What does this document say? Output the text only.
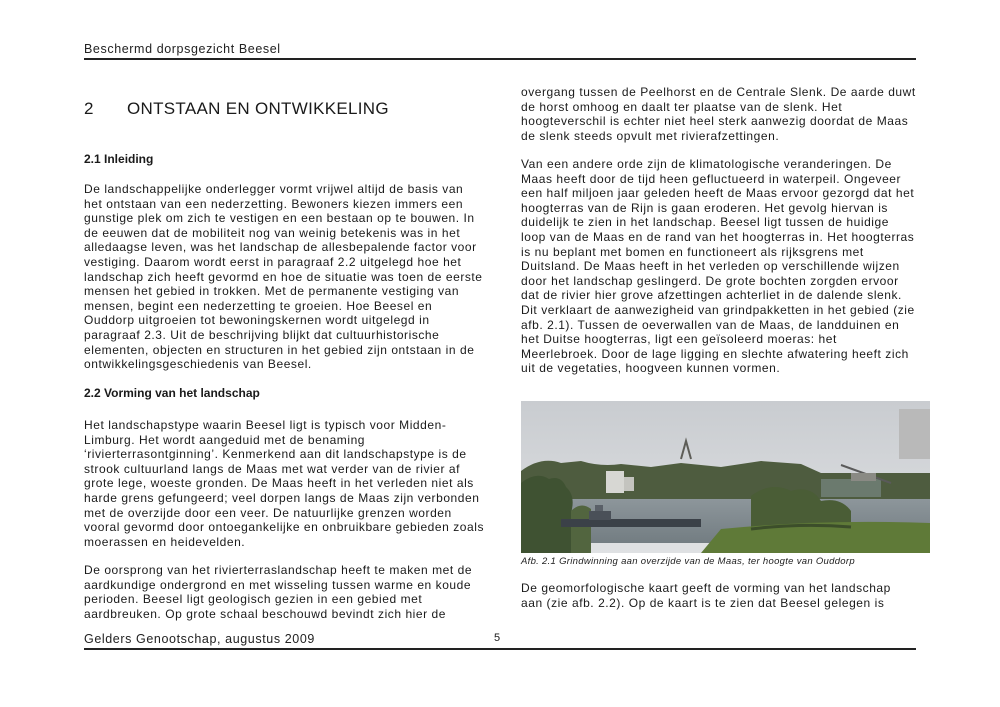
Beschermd dorpsgezicht Beesel
2 ONTSTAAN EN ONTWIKKELING
2.1 Inleiding

De landschappelijke onderlegger vormt vrijwel altijd de basis van het ontstaan van een nederzetting. Bewoners kiezen immers een gunstige plek om zich te vestigen en een bestaan op te bouwen. In de eeuwen dat de mobiliteit nog van weinig betekenis was in het alledaagse leven, was het landschap de allesbepalende factor voor vestiging. Daarom wordt eerst in paragraaf 2.2 uitgelegd hoe het landschap zich heeft gevormd en hoe de situatie was toen de eerste mensen het gebied in trokken. Met de permanente vestiging van mensen, begint een nederzetting te groeien. Hoe Beesel en Ouddorp uitgroeien tot bewoningskernen wordt uitgelegd in paragraaf 2.3. Uit de beschrijving blijkt dat cultuurhistorische elementen, objecten en structuren in het gebied zijn ontstaan in de ontwikkelingsgeschiedenis van Beesel.

2.2 Vorming van het landschap

Het landschapstype waarin Beesel ligt is typisch voor Midden-Limburg. Het wordt aangeduid met de benaming ‘rivierterrasontginning’. Kenmerkend aan dit landschapstype is de strook cultuurland langs de Maas met wat verder van de rivier af grote lege, woeste gronden. De Maas heeft in het verleden niet als harde grens gefungeerd; veel dorpen langs de Maas zijn verbonden met de overzijde door een veer. De natuurlijke grenzen worden vooral gevormd door ontoegankelijke en onbruikbare gebieden zoals moerassen en heidevelden.

De oorsprong van het rivierterraslandschap heeft te maken met de aardkundige ondergrond en met wisseling tussen warme en koude perioden. Beesel ligt geologisch gezien in een gebied met aardbreuken. Op grote schaal beschouwd bevindt zich hier de

overgang tussen de Peelhorst en de Centrale Slenk. De aarde duwt de horst omhoog en daalt ter plaatse van de slenk. Het hoogteverschil is echter niet heel sterk aanwezig doordat de Maas de slenk steeds opvult met rivierafzettingen.

Van een andere orde zijn de klimatologische veranderingen. De Maas heeft door de tijd heen gefluctueerd in waterpeil. Ongeveer een half miljoen jaar geleden heeft de Maas ervoor gezorgd dat het hoogterras van de Rijn is gaan eroderen. Het gevolg hiervan is duidelijk te zien in het landschap. Beesel ligt tussen de huidige loop van de Maas en de rand van het hoogterras in. Het hoogterras is nu beplant met bomen en functioneert als rijksgrens met Duitsland. De Maas heeft in het verleden op verschillende wijzen door het landschap geslingerd. De grote bochten zorgden ervoor dat de rivier hier grove afzettingen achterliet in de dalende slenk. Dit verklaart de aanwezigheid van grindpakketten in het gebied (zie afb. 2.1). Tussen de oeverwallen van de Maas, de landduinen en het Duitse hoogterras, ligt een geïsoleerd moeras: het Meerlebroek. Door de lage ligging en slechte afwatering heeft zich uit de vegetaties, hoogveen kunnen vormen.

Afb. 2.1 Grindwinning aan overzijde van de Maas, ter hoogte van Ouddorp

De geomorfologische kaart geeft de vorming van het landschap aan (zie afb. 2.2). Op de kaart is te zien dat Beesel gelegen is

Gelders Genootschap, augustus 2009	5
